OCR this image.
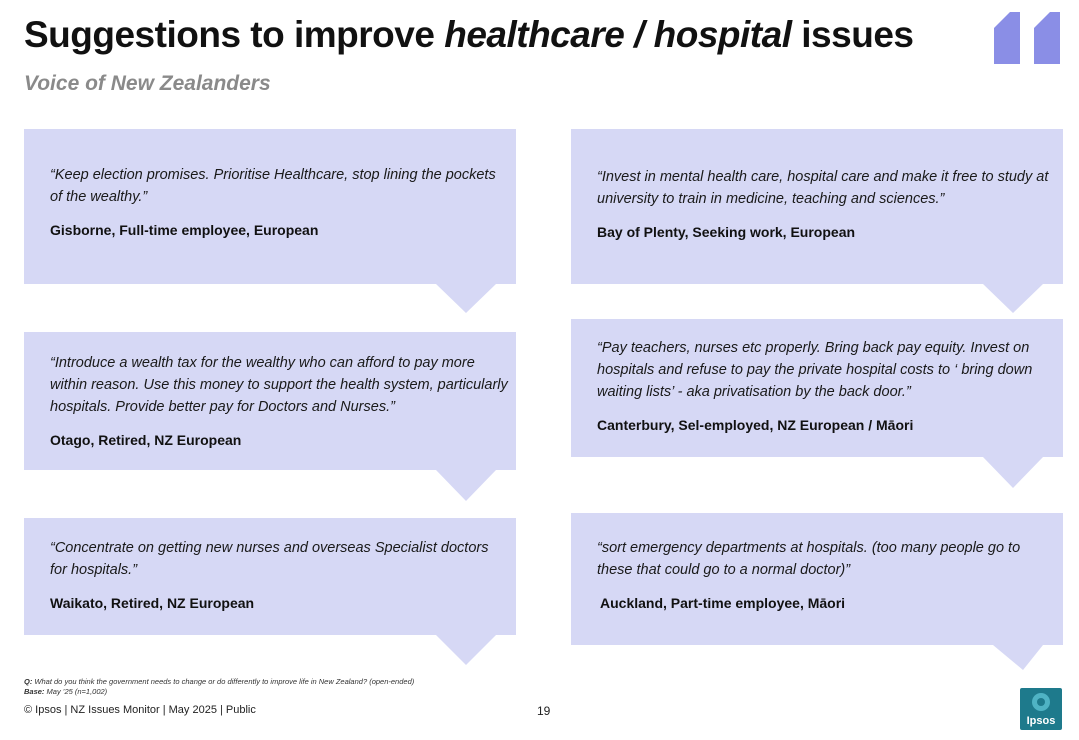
Suggestions to improve healthcare / hospital issues
Voice of New Zealanders
“Keep election promises. Prioritise Healthcare, stop lining the pockets of the wealthy.”
Gisborne, Full-time employee, European
“Invest in mental health care, hospital care and make it free to study at university to train in medicine, teaching and sciences.”
Bay of Plenty, Seeking work, European
“Introduce a wealth tax for the wealthy who can afford to pay more within reason. Use this money to support the health system, particularly hospitals. Provide better pay for Doctors and Nurses.”
Otago, Retired, NZ European
“Pay teachers, nurses etc properly. Bring back pay equity. Invest on hospitals and refuse to pay the private hospital costs to ‘ bring down waiting lists’ - aka privatisation by the back door.”
Canterbury, Sel-employed, NZ European / Māori
“Concentrate on getting new nurses and overseas Specialist doctors for hospitals.”
Waikato, Retired, NZ European
“sort emergency departments at hospitals. (too many people go to these that could go to a normal doctor)”
Auckland, Part-time employee, Māori
Q: What do you think the government needs to change or do differently to improve life in New Zealand? (open-ended)
Base: May ’25 (n=1,002)
© Ipsos | NZ Issues Monitor | May 2025 | Public	19
Ipsos
